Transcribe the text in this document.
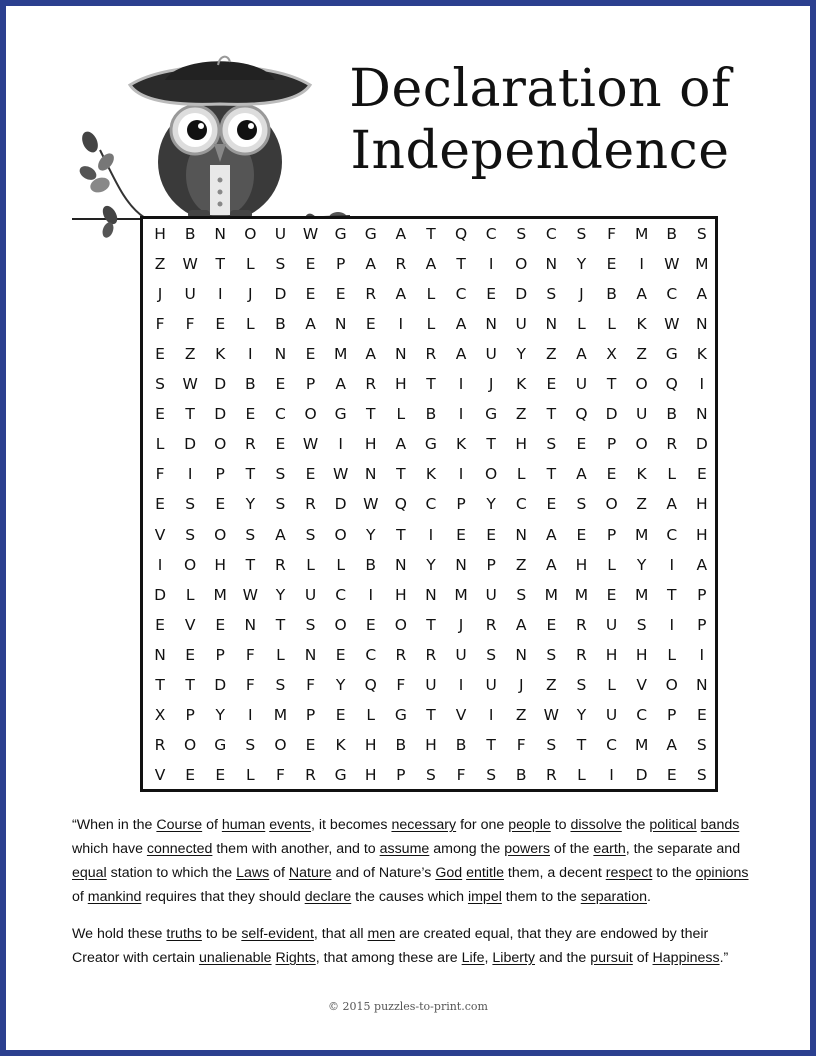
Declaration of
Independence
H	B	N	O	U	W	G	G	A	T	Q	C	S	C	S	F	M	B	S
Z	W	T	L	S	E	P	A	R	A	T	I	O	N	Y	E	I	W	M
J	U	I	J	D	E	E	R	A	L	C	E	D	S	J	B	A	C	A
F	F	E	L	B	A	N	E	I	L	A	N	U	N	L	L	K	W	N
E	Z	K	I	N	E	M	A	N	R	A	U	Y	Z	A	X	Z	G	K
S	W	D	B	E	P	A	R	H	T	I	J	K	E	U	T	O	Q	I
E	T	D	E	C	O	G	T	L	B	I	G	Z	T	Q	D	U	B	N
L	D	O	R	E	W	I	H	A	G	K	T	H	S	E	P	O	R	D
F	I	P	T	S	E	W	N	T	K	I	O	L	T	A	E	K	L	E
E	S	E	Y	S	R	D	W	Q	C	P	Y	C	E	S	O	Z	A	H
V	S	O	S	A	S	O	Y	T	I	E	E	N	A	E	P	M	C	H
I	O	H	T	R	L	L	B	N	Y	N	P	Z	A	H	L	Y	I	A
D	L	M	W	Y	U	C	I	H	N	M	U	S	M	M	E	M	T	P
E	V	E	N	T	S	O	E	O	T	J	R	A	E	R	U	S	I	P
N	E	P	F	L	N	E	C	R	R	U	S	N	S	R	H	H	L	I
T	T	D	F	S	F	Y	Q	F	U	I	U	J	Z	S	L	V	O	N
X	P	Y	I	M	P	E	L	G	T	V	I	Z	W	Y	U	C	P	E
R	O	G	S	O	E	K	H	B	H	B	T	F	S	T	C	M	A	S
V	E	E	L	F	R	G	H	P	S	F	S	B	R	L	I	D	E	S
“When in the Course of human events, it becomes necessary for one people to dissolve the political bands which have connected them with another, and to assume among the powers of the earth, the separate and equal station to which the Laws of Nature and of Nature’s God entitle them, a decent respect to the opinions of mankind requires that they should declare the causes which impel them to the separation.
We hold these truths to be self-evident, that all men are created equal, that they are endowed by their Creator with certain unalienable Rights, that among these are Life, Liberty and the pursuit of Happiness.”
© 2015 puzzles-to-print.com
